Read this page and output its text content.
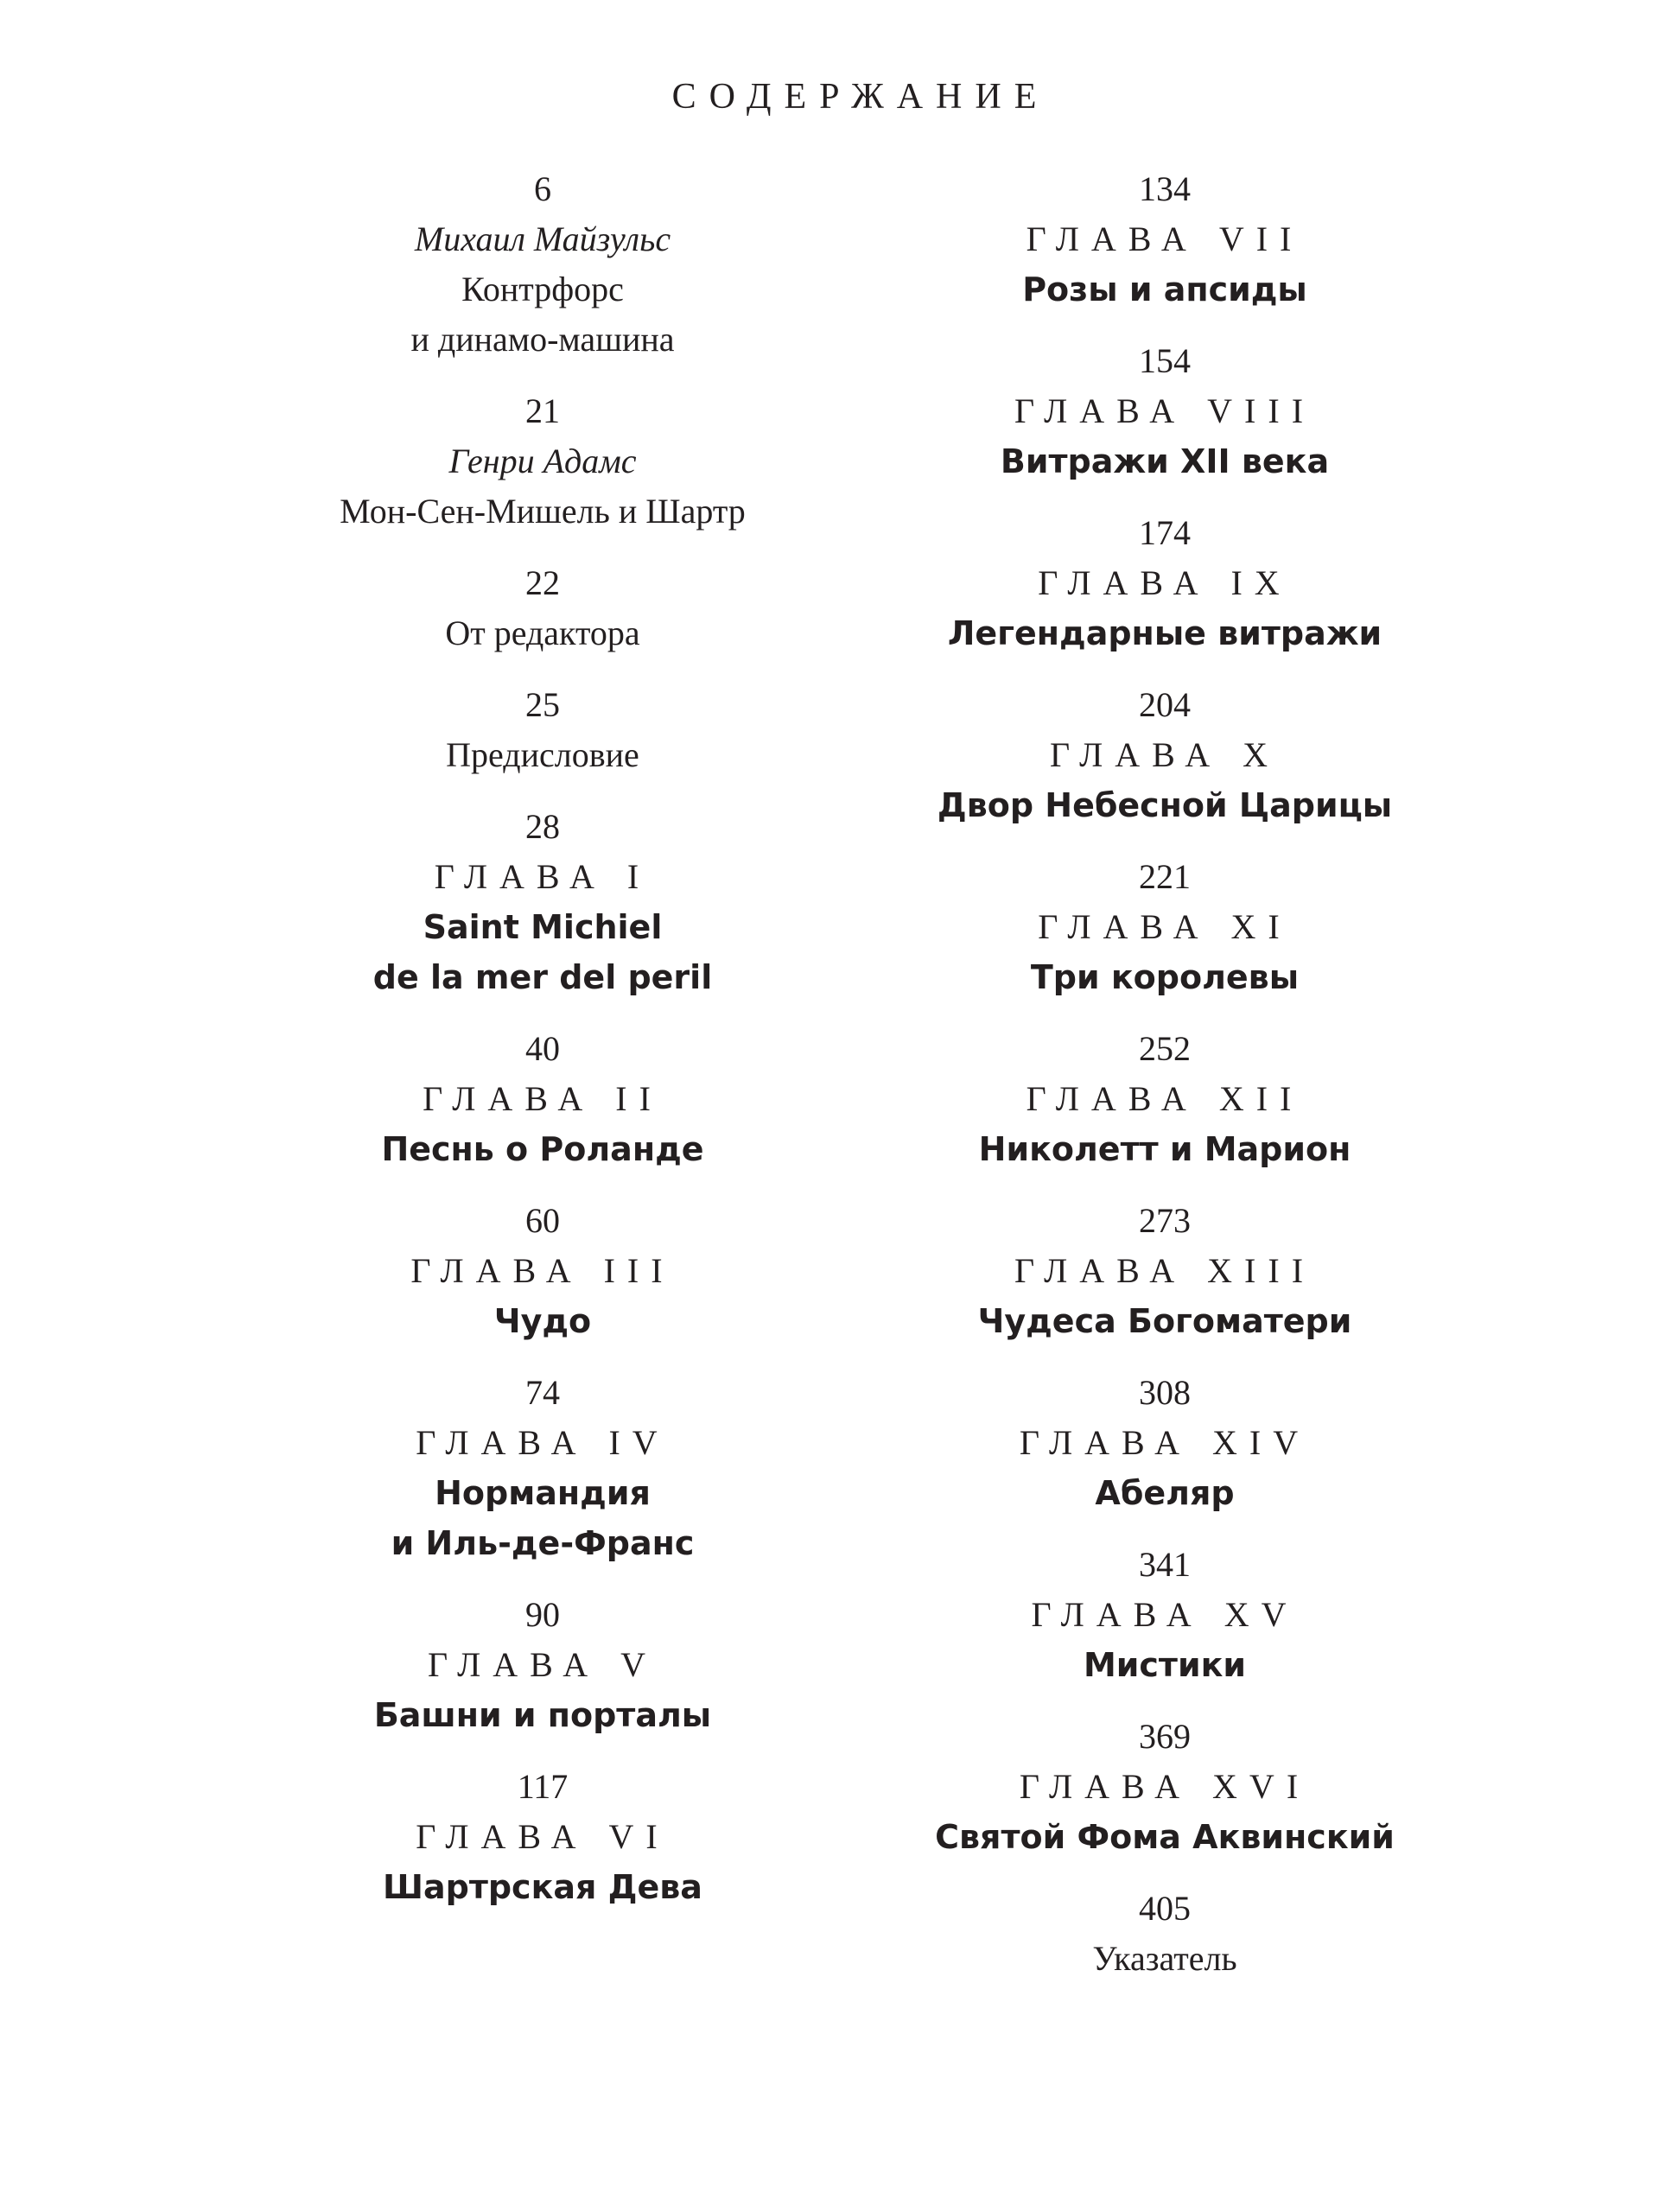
СОДЕРЖАНИЕ
6
Михаил Майзульс
Контрфорс
и динамо-машина
21
Генри Адамс
Мон-Сен-Мишель и Шартр
22
От редактора
25
Предисловие
28
ГЛАВА I
Saint Michiel
de la mer del peril
40
ГЛАВА II
Песнь о Роланде
60
ГЛАВА III
Чудо
74
ГЛАВА IV
Нормандия
и Иль-де-Франс
90
ГЛАВА V
Башни и порталы
117
ГЛАВА VI
Шартрская Дева
134
ГЛАВА VII
Розы и апсиды
154
ГЛАВА VIII
Витражи XII века
174
ГЛАВА IX
Легендарные витражи
204
ГЛАВА X
Двор Небесной Царицы
221
ГЛАВА XI
Три королевы
252
ГЛАВА XII
Николетт и Марион
273
ГЛАВА XIII
Чудеса Богоматери
308
ГЛАВА XIV
Абеляр
341
ГЛАВА XV
Мистики
369
ГЛАВА XVI
Святой Фома Аквинский
405
Указатель
